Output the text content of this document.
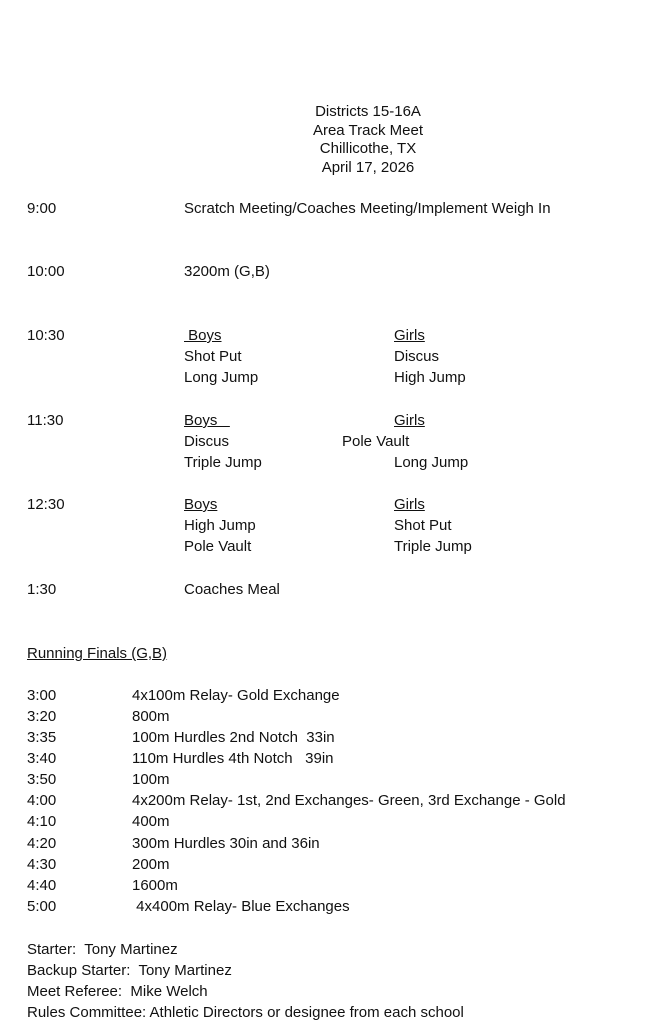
Districts 15-16A
Area Track Meet
Chillicothe, TX
April 17, 2026
9:00	Scratch Meeting/Coaches Meeting/Implement Weigh In
10:00	3200m (G,B)
10:30	Boys	Girls
Shot Put	Discus
Long Jump	High Jump
11:30	Boys	Girls
Discus	Pole Vault
Triple Jump	Long Jump
12:30	Boys	Girls
High Jump	Shot Put
Pole Vault	Triple Jump
1:30	Coaches Meal
Running Finals (G,B)
3:00	4x100m Relay- Gold Exchange
3:20	800m
3:35	100m Hurdles 2nd Notch  33in
3:40	110m Hurdles 4th Notch   39in
3:50	100m
4:00	4x200m Relay- 1st, 2nd Exchanges- Green, 3rd Exchange - Gold
4:10	400m
4:20	300m Hurdles 30in and 36in
4:30	200m
4:40	1600m
5:00	4x400m Relay- Blue Exchanges
Starter:  Tony Martinez
Backup Starter:  Tony Martinez
Meet Referee:  Mike Welch
Rules Committee: Athletic Directors or designee from each school
